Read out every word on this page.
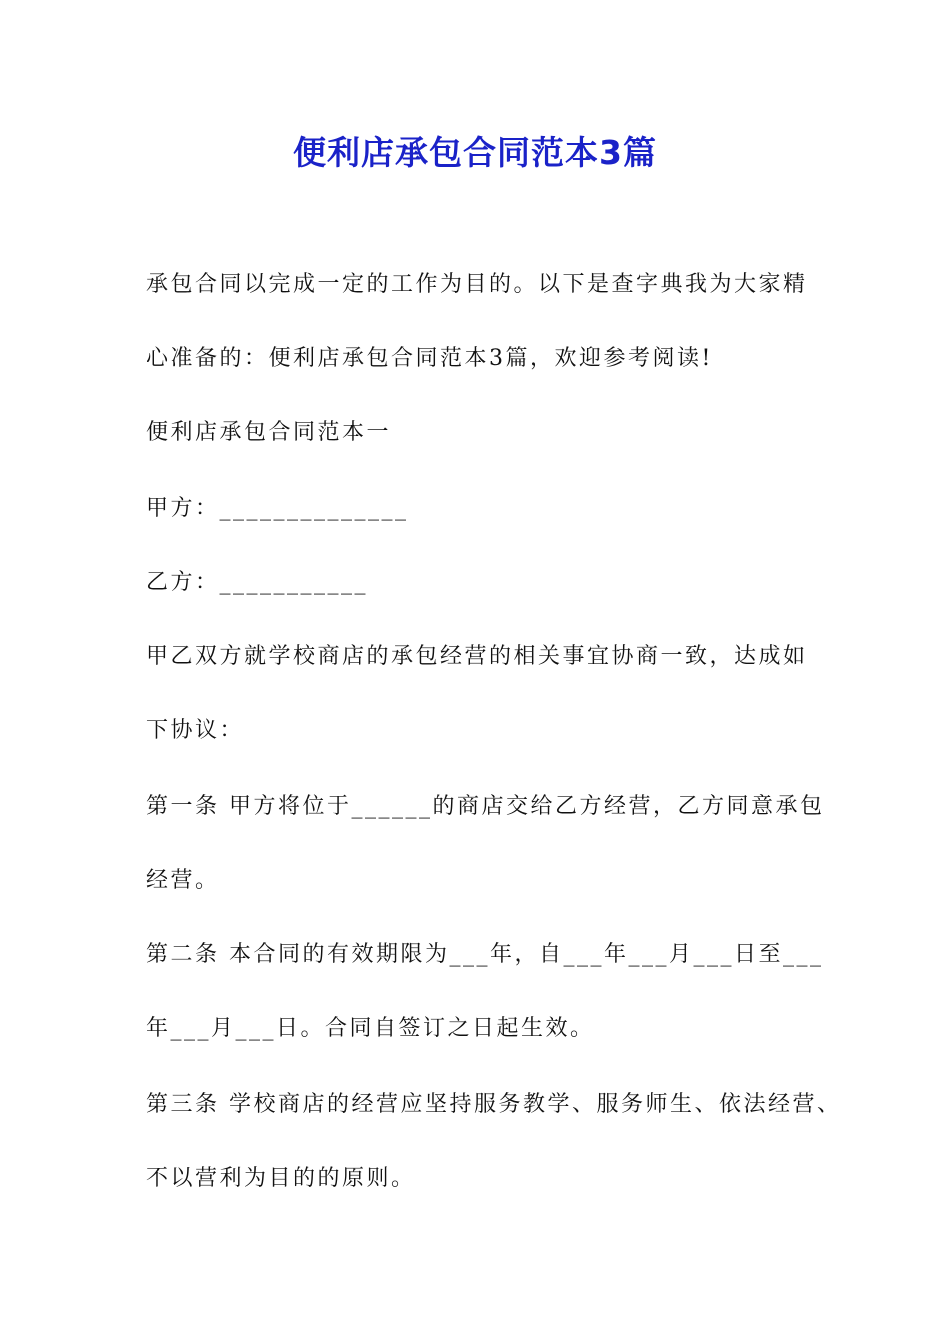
便利店承包合同范本3篇

承包合同以完成一定的工作为目的。以下是查字典我为大家精

心准备的：便利店承包合同范本3篇，欢迎参考阅读!

便利店承包合同范本一

甲方：______________

乙方：___________

甲乙双方就学校商店的承包经营的相关事宜协商一致，达成如

下协议：

第一条 甲方将位于______的商店交给乙方经营，乙方同意承包

经营。

第二条 本合同的有效期限为___年，自___年___月___日至___

年___月___日。合同自签订之日起生效。

第三条 学校商店的经营应坚持服务教学、服务师生、依法经营、

不以营利为目的的原则。
